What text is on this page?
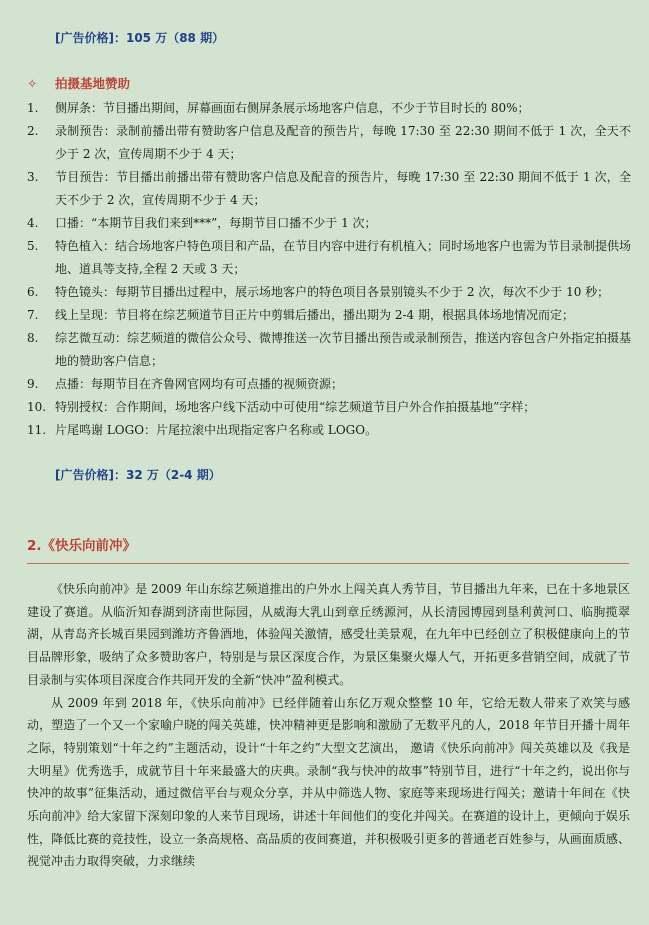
[广告价格]：105 万（88 期）
✧ 拍摄基地赞助
1. 侧屏条：节目播出期间，屏幕画面右侧屏条展示场地客户信息，不少于节目时长的 80%；
2. 录制预告：录制前播出带有赞助客户信息及配音的预告片，每晚 17:30 至 22:30 期间不低于 1 次，全天不少于 2 次，宣传周期不少于 4 天；
3. 节目预告：节目播出前播出带有赞助客户信息及配音的预告片，每晚 17:30 至 22:30 期间不低于 1 次，全天不少于 2 次，宣传周期不少于 4 天；
4. 口播：“本期节目我们来到***”，每期节目口播不少于 1 次；
5. 特色植入：结合场地客户特色项目和产品，在节目内容中进行有机植入；同时场地客户也需为节目录制提供场地、道具等支持,全程 2 天或 3 天；
6. 特色镜头：每期节目播出过程中，展示场地客户的特色项目各景别镜头不少于 2 次，每次不少于 10 秒；
7. 线上呈现：节目将在综艺频道节目正片中剪辑后播出，播出期为 2-4 期，根据具体场地情况而定；
8. 综艺微互动：综艺频道的微信公众号、微博推送一次节目播出预告或录制预告，推送内容包含户外指定拍摄基地的赞助客户信息；
9. 点播：每期节目在齐鲁网官网均有可点播的视频资源；
10. 特别授权：合作期间，场地客户线下活动中可使用“综艺频道节目户外合作拍摄基地”字样；
11. 片尾鸣谢 LOGO：片尾拉滚中出现指定客户名称或 LOGO。
[广告价格]：32 万（2-4 期）
2.《快乐向前冲》

《快乐向前冲》是 2009 年山东综艺频道推出的户外水上闯关真人秀节目，节目播出九年来，已在十多地景区建设了赛道。从临沂知春湖到济南世际园，从威海大乳山到章丘绣源河，从长清园博园到垦利黄河口、临朐揽翠湖，从青岛齐长城百果园到潍坊齐鲁酒地，体验闯关激情，感受壮美景观，在九年中已经创立了积极健康向上的节目品牌形象，吸纳了众多赞助客户，特别是与景区深度合作，为景区集聚火爆人气，开拓更多营销空间，成就了节目录制与实体项目深度合作共同开发的全新“快冲”盈利模式。

从 2009 年到 2018 年，《快乐向前冲》已经伴随着山东亿万观众整整 10 年，它给无数人带来了欢笑与感动，塑造了一个又一个家喻户晓的闯关英雄，快冲精神更是影响和激励了无数平凡的人，2018 年节目开播十周年之际，特别策划“十年之约”主题活动，设计“十年之约”大型文艺演出， 邀请《快乐向前冲》闯关英雄以及《我是大明星》优秀选手，成就节目十年来最盛大的庆典。录制“我与快冲的故事”特别节目，进行“十年之约，说出你与快冲的故事”征集活动，通过微信平台与观众分享，并从中筛选人物、家庭等来现场进行闯关；邀请十年间在《快乐向前冲》给大家留下深刻印象的人来节目现场，讲述十年间他们的变化并闯关。在赛道的设计上，更倾向于娱乐性，降低比赛的竞技性，设立一条高规格、高品质的夜间赛道，并积极吸引更多的普通老百姓参与，从画面质感、视觉冲击力取得突破，力求继续
